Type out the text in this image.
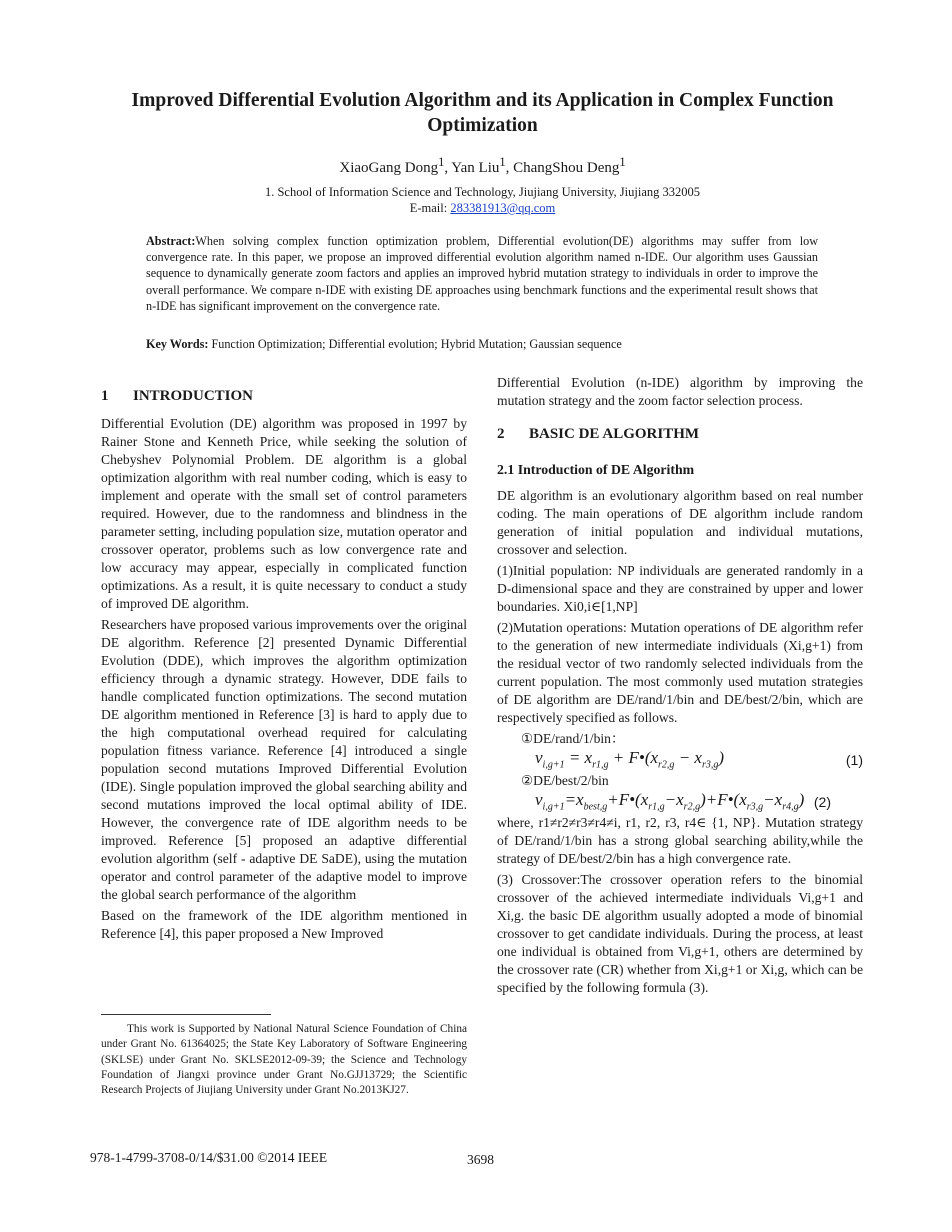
Improved Differential Evolution Algorithm and its Application in Complex Function Optimization
XiaoGang Dong$^1$, Yan Liu$^1$, ChangShou Deng$^1$
1. School of Information Science and Technology, Jiujiang University, Jiujiang 332005
E-mail: 283381913@qq.com
Abstract:When solving complex function optimization problem, Differential evolution(DE) algorithms may suffer from low convergence rate. In this paper, we propose an improved differential evolution algorithm named n-IDE. Our algorithm uses Gaussian sequence to dynamically generate zoom factors and applies an improved hybrid mutation strategy to individuals in order to improve the overall performance. We compare n-IDE with existing DE approaches using benchmark functions and the experimental result shows that n-IDE has significant improvement on the convergence rate.
Key Words: Function Optimization; Differential evolution; Hybrid Mutation; Gaussian sequence
1 INTRODUCTION

Differential Evolution (DE) algorithm was proposed in 1997 by Rainer Stone and Kenneth Price, while seeking the solution of Chebyshev Polynomial Problem. DE algorithm is a global optimization algorithm with real number coding, which is easy to implement and operate with the small set of control parameters required. However, due to the randomness and blindness in the parameter setting, including population size, mutation operator and crossover operator, problems such as low convergence rate and low accuracy may appear, especially in complicated function optimizations. As a result, it is quite necessary to conduct a study of improved DE algorithm.

Researchers have proposed various improvements over the original DE algorithm. Reference [2] presented Dynamic Differential Evolution (DDE), which improves the algorithm optimization efficiency through a dynamic strategy. However, DDE fails to handle complicated function optimizations. The second mutation DE algorithm mentioned in Reference [3] is hard to apply due to the high computational overhead required for calculating population fitness variance. Reference [4] introduced a single population second mutations Improved Differential Evolution (IDE). Single population improved the global searching ability and second mutations improved the local optimal ability of IDE. However, the convergence rate of IDE algorithm needs to be improved. Reference [5] proposed an adaptive differential evolution algorithm (self - adaptive DE SaDE), using the mutation operator and control parameter of the adaptive model to improve the global search performance of the algorithm

Based on the framework of the IDE algorithm mentioned in Reference [4], this paper proposed a New Improved

This work is Supported by National Natural Science Foundation of China under Grant No. 61364025; the State Key Laboratory of Software Engineering (SKLSE) under Grant No. SKLSE2012-09-39; the Science and Technology Foundation of Jiangxi province under Grant No.GJJ13729; the Scientific Research Projects of Jiujiang University under Grant No.2013KJ27.

Differential Evolution (n-IDE) algorithm by improving the mutation strategy and the zoom factor selection process.

2 BASIC DE ALGORITHM
2.1 Introduction of DE Algorithm

DE algorithm is an evolutionary algorithm based on real number coding. The main operations of DE algorithm include random generation of initial population and individual mutations, crossover and selection.

(1)Initial population: NP individuals are generated randomly in a D-dimensional space and they are constrained by upper and lower boundaries. Xi0,i∈[1,NP]

(2)Mutation operations: Mutation operations of DE algorithm refer to the generation of new intermediate individuals (Xi,g+1) from the residual vector of two randomly selected individuals from the current population. The most commonly used mutation strategies of DE algorithm are DE/rand/1/bin and DE/best/2/bin, which are respectively specified as follows.

①DE/rand/1/bin：
$v_{i,g+1} = x_{r1,g}$ + $F•(x_{r2,g} - x_{r3,g})$	(1)
②DE/best/2/bin
$v_{i,g+1}=x_{best,g}+F•(x_{r1,g}-x_{r2,g})+F•(x_{r3,g}-x_{r4,g})$ (2)

where, r1≠r2≠r3≠r4≠i, r1, r2, r3, r4∈ {1, NP}. Mutation strategy of DE/rand/1/bin has a strong global searching ability,while the strategy of DE/best/2/bin has a high convergence rate.

(3) Crossover:The crossover operation refers to the binomial crossover of the achieved intermediate individuals Vi,g+1 and Xi,g. the basic DE algorithm usually adopted a mode of binomial crossover to get candidate individuals. During the process, at least one individual is obtained from Vi,g+1, others are determined by the crossover rate (CR) whether from Xi,g+1 or Xi,g, which can be specified by the following formula (3).

978-1-4799-3708-0/14/$31.00 ©2014 IEEE	3698
